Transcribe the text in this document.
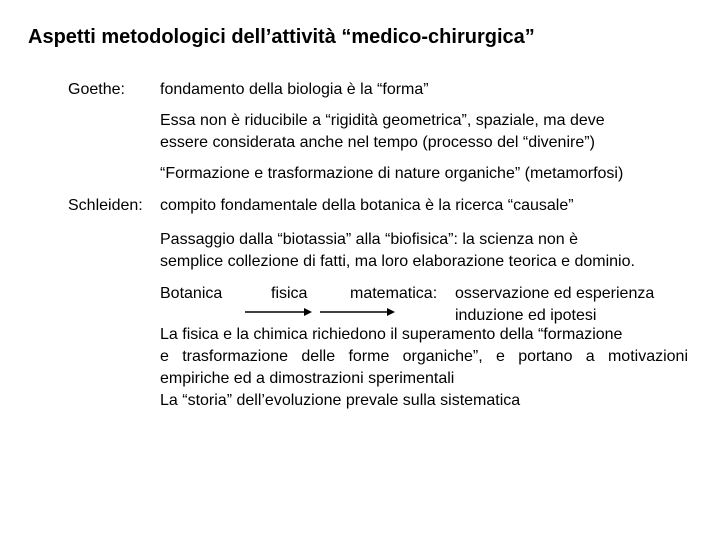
Aspetti metodologici dell’attività “medico-chirurgica”
Goethe: fondamento della biologia è la “forma”
Essa non è riducibile a “rigidità geometrica”, spaziale, ma deve
essere considerata anche nel tempo (processo del “divenire”)
“Formazione e trasformazione di nature organiche” (metamorfosi)
Schleiden: compito fondamentale della botanica è la ricerca “causale”
Passaggio dalla “biotassia” alla “biofisica”: la scienza non è
semplice collezione di fatti, ma loro elaborazione teorica e dominio.
Botanica	fisica	matematica: osservazione ed esperienza
induzione ed ipotesi
La fisica e la chimica richiedono il superamento della “formazione
e trasformazione delle forme organiche”, e portano a motivazioni
empiriche ed a dimostrazioni sperimentali
La “storia” dell’evoluzione prevale sulla sistematica
